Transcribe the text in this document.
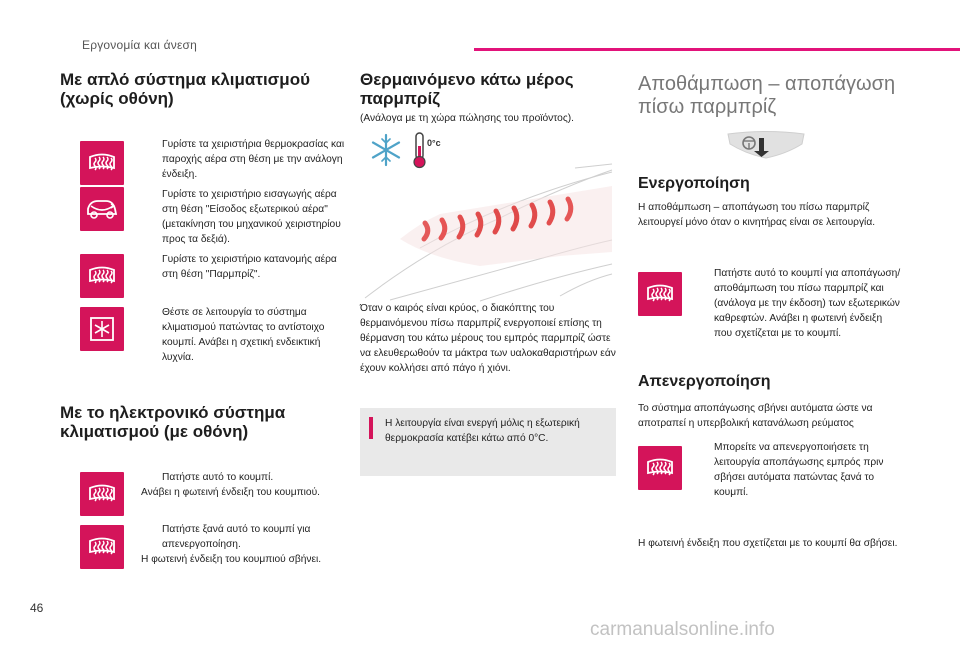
Εργονομία και άνεση
Με απλό σύστημα κλιματισμού (χωρίς οθόνη)
Γυρίστε τα χειριστήρια θερμοκρασίας και παροχής αέρα στη θέση με την ανάλογη ένδειξη.
Γυρίστε το χειριστήριο εισαγωγής αέρα στη θέση "Είσοδος εξωτερικού αέρα" (μετακίνηση του μηχανικού χειριστηρίου προς τα δεξιά).
Γυρίστε το χειριστήριο κατανομής αέρα στη θέση "Παρμπρίζ".
Θέστε σε λειτουργία το σύστημα κλιματισμού πατώντας το αντίστοιχο κουμπί. Ανάβει η σχετική ενδεικτική λυχνία.
Με το ηλεκτρονικό σύστημα κλιματισμού (με οθόνη)
Πατήστε αυτό το κουμπί.
Ανάβει η φωτεινή ένδειξη του κουμπιού.
Πατήστε ξανά αυτό το κουμπί για απενεργοποίηση.
Η φωτεινή ένδειξη του κουμπιού σβήνει.
Θερμαινόμενο κάτω μέρος παρμπρίζ
(Ανάλογα με τη χώρα πώλησης του προϊόντος).
0°c
Όταν ο καιρός είναι κρύος, ο διακόπτης του θερμαινόμενου πίσω παρμπρίζ ενεργοποιεί επίσης τη θέρμανση του κάτω μέρους του εμπρός παρμπρίζ ώστε να ελευθερωθούν τα μάκτρα των υαλοκαθαριστήρων εάν έχουν κολλήσει από πάγο ή χιόνι.
Η λειτουργία είναι ενεργή μόλις η εξωτερική θερμοκρασία κατέβει κάτω από 0°C.
Αποθάμπωση – αποπάγωση πίσω παρμπρίζ
Ενεργοποίηση
Η αποθάμπωση – αποπάγωση του πίσω παρμπρίζ λειτουργεί μόνο όταν ο κινητήρας είναι σε λειτουργία.
Πατήστε αυτό το κουμπί για αποπάγωση/αποθάμπωση του πίσω παρμπρίζ και (ανάλογα με την έκδοση) των εξωτερικών καθρεφτών. Ανάβει η φωτεινή ένδειξη που σχετίζεται με το κουμπί.
Απενεργοποίηση
Το σύστημα αποπάγωσης σβήνει αυτόματα ώστε να αποτραπεί η υπερβολική κατανάλωση ρεύματος
Μπορείτε να απενεργοποιήσετε τη λειτουργία αποπάγωσης εμπρός πριν σβήσει αυτόματα πατώντας ξανά το κουμπί.
Η φωτεινή ένδειξη που σχετίζεται με το κουμπί θα σβήσει.
46
carmanualsonline.info
